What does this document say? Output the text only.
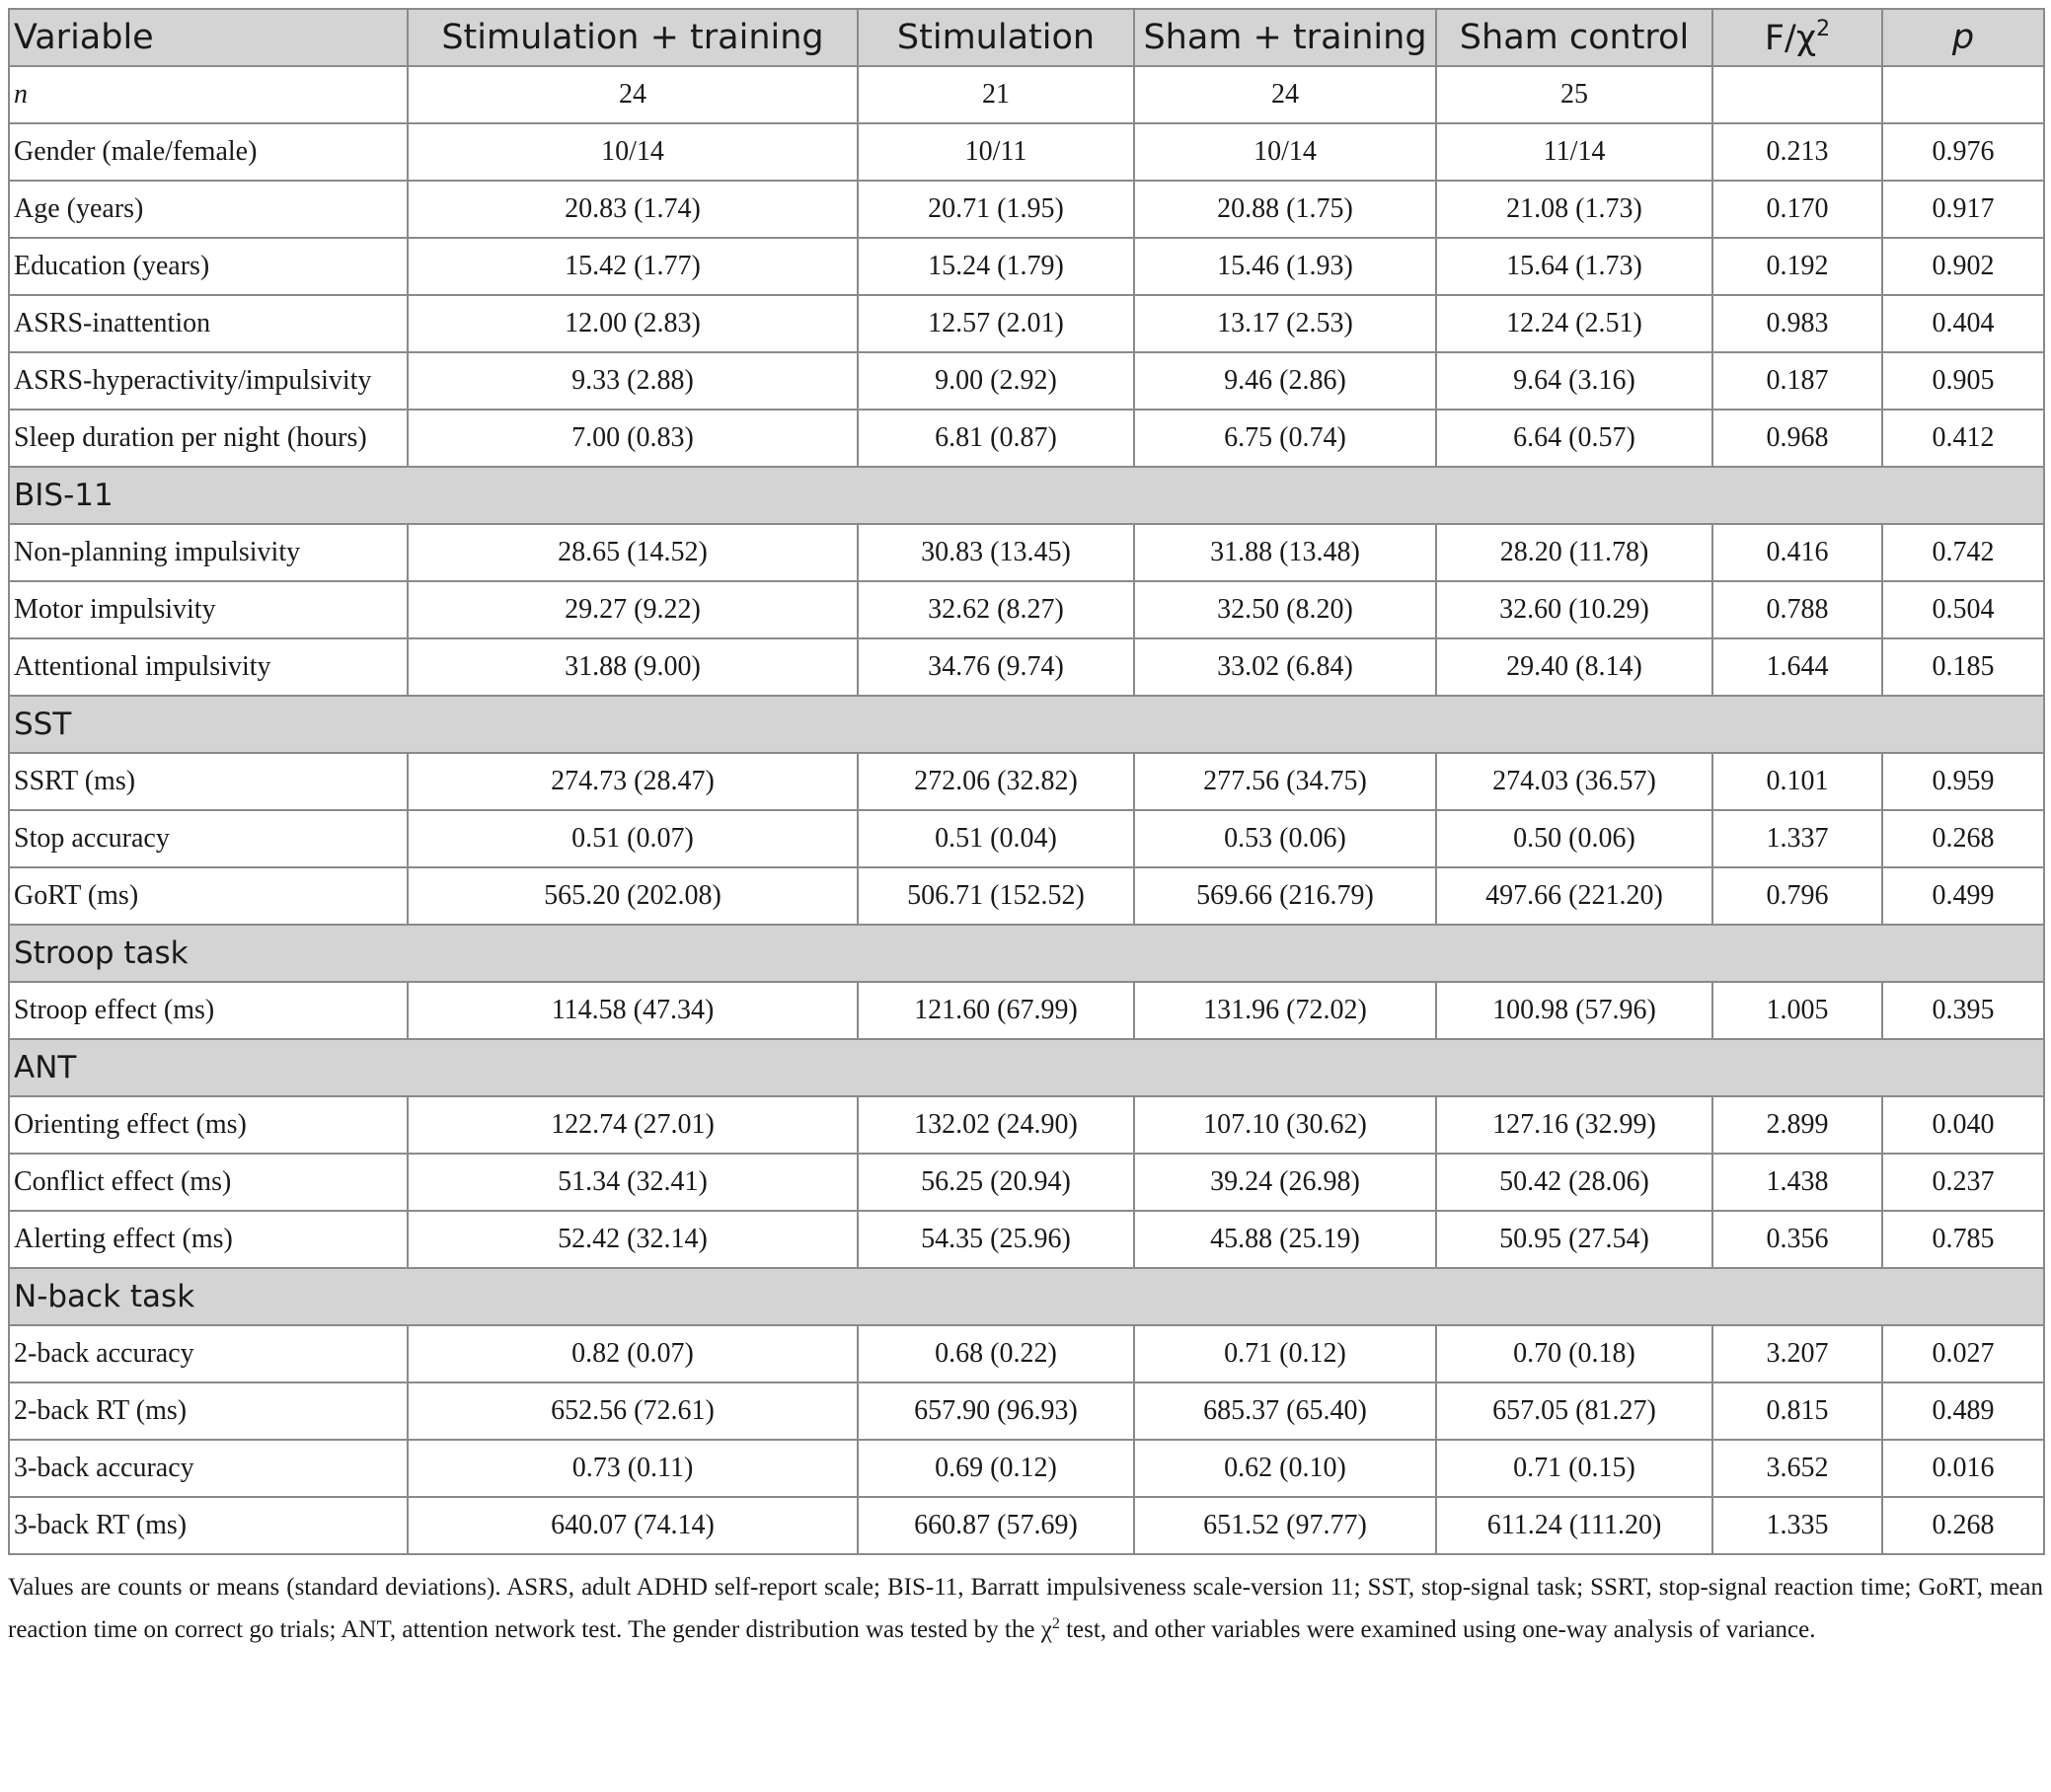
Variable	Stimulation + training	Stimulation	Sham + training	Sham control	$F/\chi^2$	p
n	24	21	24	25		
Gender (male/female)	10/14	10/11	10/14	11/14	0.213	0.976
Age (years)	20.83 (1.74)	20.71 (1.95)	20.88 (1.75)	21.08 (1.73)	0.170	0.917
Education (years)	15.42 (1.77)	15.24 (1.79)	15.46 (1.93)	15.64 (1.73)	0.192	0.902
ASRS-inattention	12.00 (2.83)	12.57 (2.01)	13.17 (2.53)	12.24 (2.51)	0.983	0.404
ASRS-hyperactivity/impulsivity	9.33 (2.88)	9.00 (2.92)	9.46 (2.86)	9.64 (3.16)	0.187	0.905
Sleep duration per night (hours)	7.00 (0.83)	6.81 (0.87)	6.75 (0.74)	6.64 (0.57)	0.968	0.412
BIS-11						
Non-planning impulsivity	28.65 (14.52)	30.83 (13.45)	31.88 (13.48)	28.20 (11.78)	0.416	0.742
Motor impulsivity	29.27 (9.22)	32.62 (8.27)	32.50 (8.20)	32.60 (10.29)	0.788	0.504
Attentional impulsivity	31.88 (9.00)	34.76 (9.74)	33.02 (6.84)	29.40 (8.14)	1.644	0.185
SST						
SSRT (ms)	274.73 (28.47)	272.06 (32.82)	277.56 (34.75)	274.03 (36.57)	0.101	0.959
Stop accuracy	0.51 (0.07)	0.51 (0.04)	0.53 (0.06)	0.50 (0.06)	1.337	0.268
GoRT (ms)	565.20 (202.08)	506.71 (152.52)	569.66 (216.79)	497.66 (221.20)	0.796	0.499
Stroop task						
Stroop effect (ms)	114.58 (47.34)	121.60 (67.99)	131.96 (72.02)	100.98 (57.96)	1.005	0.395
ANT						
Orienting effect (ms)	122.74 (27.01)	132.02 (24.90)	107.10 (30.62)	127.16 (32.99)	2.899	0.040
Conflict effect (ms)	51.34 (32.41)	56.25 (20.94)	39.24 (26.98)	50.42 (28.06)	1.438	0.237
Alerting effect (ms)	52.42 (32.14)	54.35 (25.96)	45.88 (25.19)	50.95 (27.54)	0.356	0.785
N-back task						
2-back accuracy	0.82 (0.07)	0.68 (0.22)	0.71 (0.12)	0.70 (0.18)	3.207	0.027
2-back RT (ms)	652.56 (72.61)	657.90 (96.93)	685.37 (65.40)	657.05 (81.27)	0.815	0.489
3-back accuracy	0.73 (0.11)	0.69 (0.12)	0.62 (0.10)	0.71 (0.15)	3.652	0.016
3-back RT (ms)	640.07 (74.14)	660.87 (57.69)	651.52 (97.77)	611.24 (111.20)	1.335	0.268

Values are counts or means (standard deviations). ASRS, adult ADHD self-report scale; BIS-11, Barratt impulsiveness scale-version 11; SST, stop-signal task; SSRT, stop-signal reaction time; GoRT, mean reaction time on correct go trials; ANT, attention network test. The gender distribution was tested by the $\chi^2$ test, and other variables were examined using one-way analysis of variance.
